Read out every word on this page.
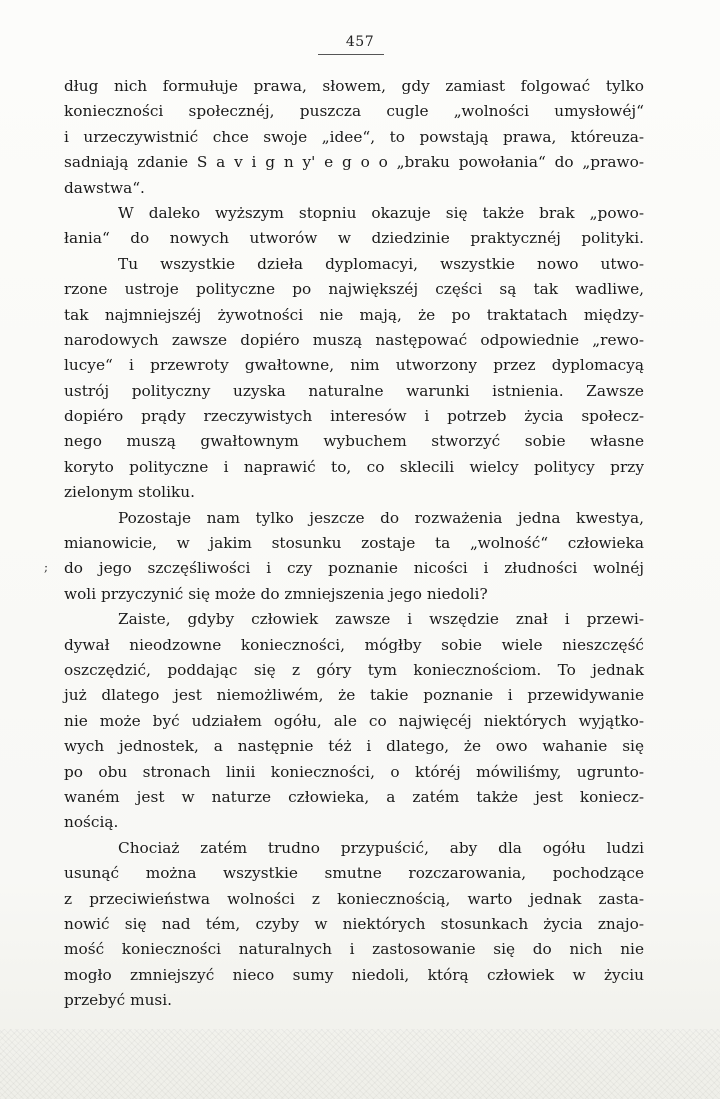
457
;
dług nich formułuje prawa, słowem, gdy zamiast folgować tylko
konieczności społecznéj, puszcza cugle „wolności umysłowéj“
i urzeczywistnić chce swoje „idee“, to powstają prawa, któreuza-
sadniają zdanie S a v i g n y' e g o o „braku powołania“ do „prawo-
dawstwa“.
W daleko wyższym stopniu okazuje się także brak „powo-
łania“ do nowych utworów w dziedzinie praktycznéj polityki.
Tu wszystkie dzieła dyplomacyi, wszystkie nowo utwo-
rzone ustroje polityczne po największéj części są tak wadliwe,
tak najmniejszéj żywotności nie mają, że po traktatach między-
narodowych zawsze dopiéro muszą następować odpowiednie „rewo-
lucye“ i przewroty gwałtowne, nim utworzony przez dyplomacyą
ustrój polityczny uzyska naturalne warunki istnienia. Zawsze
dopiéro prądy rzeczywistych interesów i potrzeb życia społecz-
nego muszą gwałtownym wybuchem stworzyć sobie własne
koryto polityczne i naprawić to, co sklecili wielcy politycy przy
zielonym stoliku.
Pozostaje nam tylko jeszcze do rozważenia jedna kwestya,
mianowicie, w jakim stosunku zostaje ta „wolność“ człowieka
do jego szczęśliwości i czy poznanie nicości i złudności wolnéj
woli przyczynić się może do zmniejszenia jego niedoli?
Zaiste, gdyby człowiek zawsze i wszędzie znał i przewi-
dywał nieodzowne konieczności, mógłby sobie wiele nieszczęść
oszczędzić, poddając się z góry tym koniecznościom. To jednak
już dlatego jest niemożliwém, że takie poznanie i przewidywanie
nie może być udziałem ogółu, ale co najwięcéj niektórych wyjątko-
wych jednostek, a następnie téż i dlatego, że owo wahanie się
po obu stronach linii konieczności, o któréj mówiliśmy, ugrunto-
waném jest w naturze człowieka, a zatém także jest koniecz-
nością.
Chociaż zatém trudno przypuścić, aby dla ogółu ludzi
usunąć można wszystkie smutne rozczarowania, pochodzące
z przeciwieństwa wolności z koniecznością, warto jednak zasta-
nowić się nad tém, czyby w niektórych stosunkach życia znajo-
mość konieczności naturalnych i zastosowanie się do nich nie
mogło zmniejszyć nieco sumy niedoli, którą człowiek w życiu
przebyć musi.
